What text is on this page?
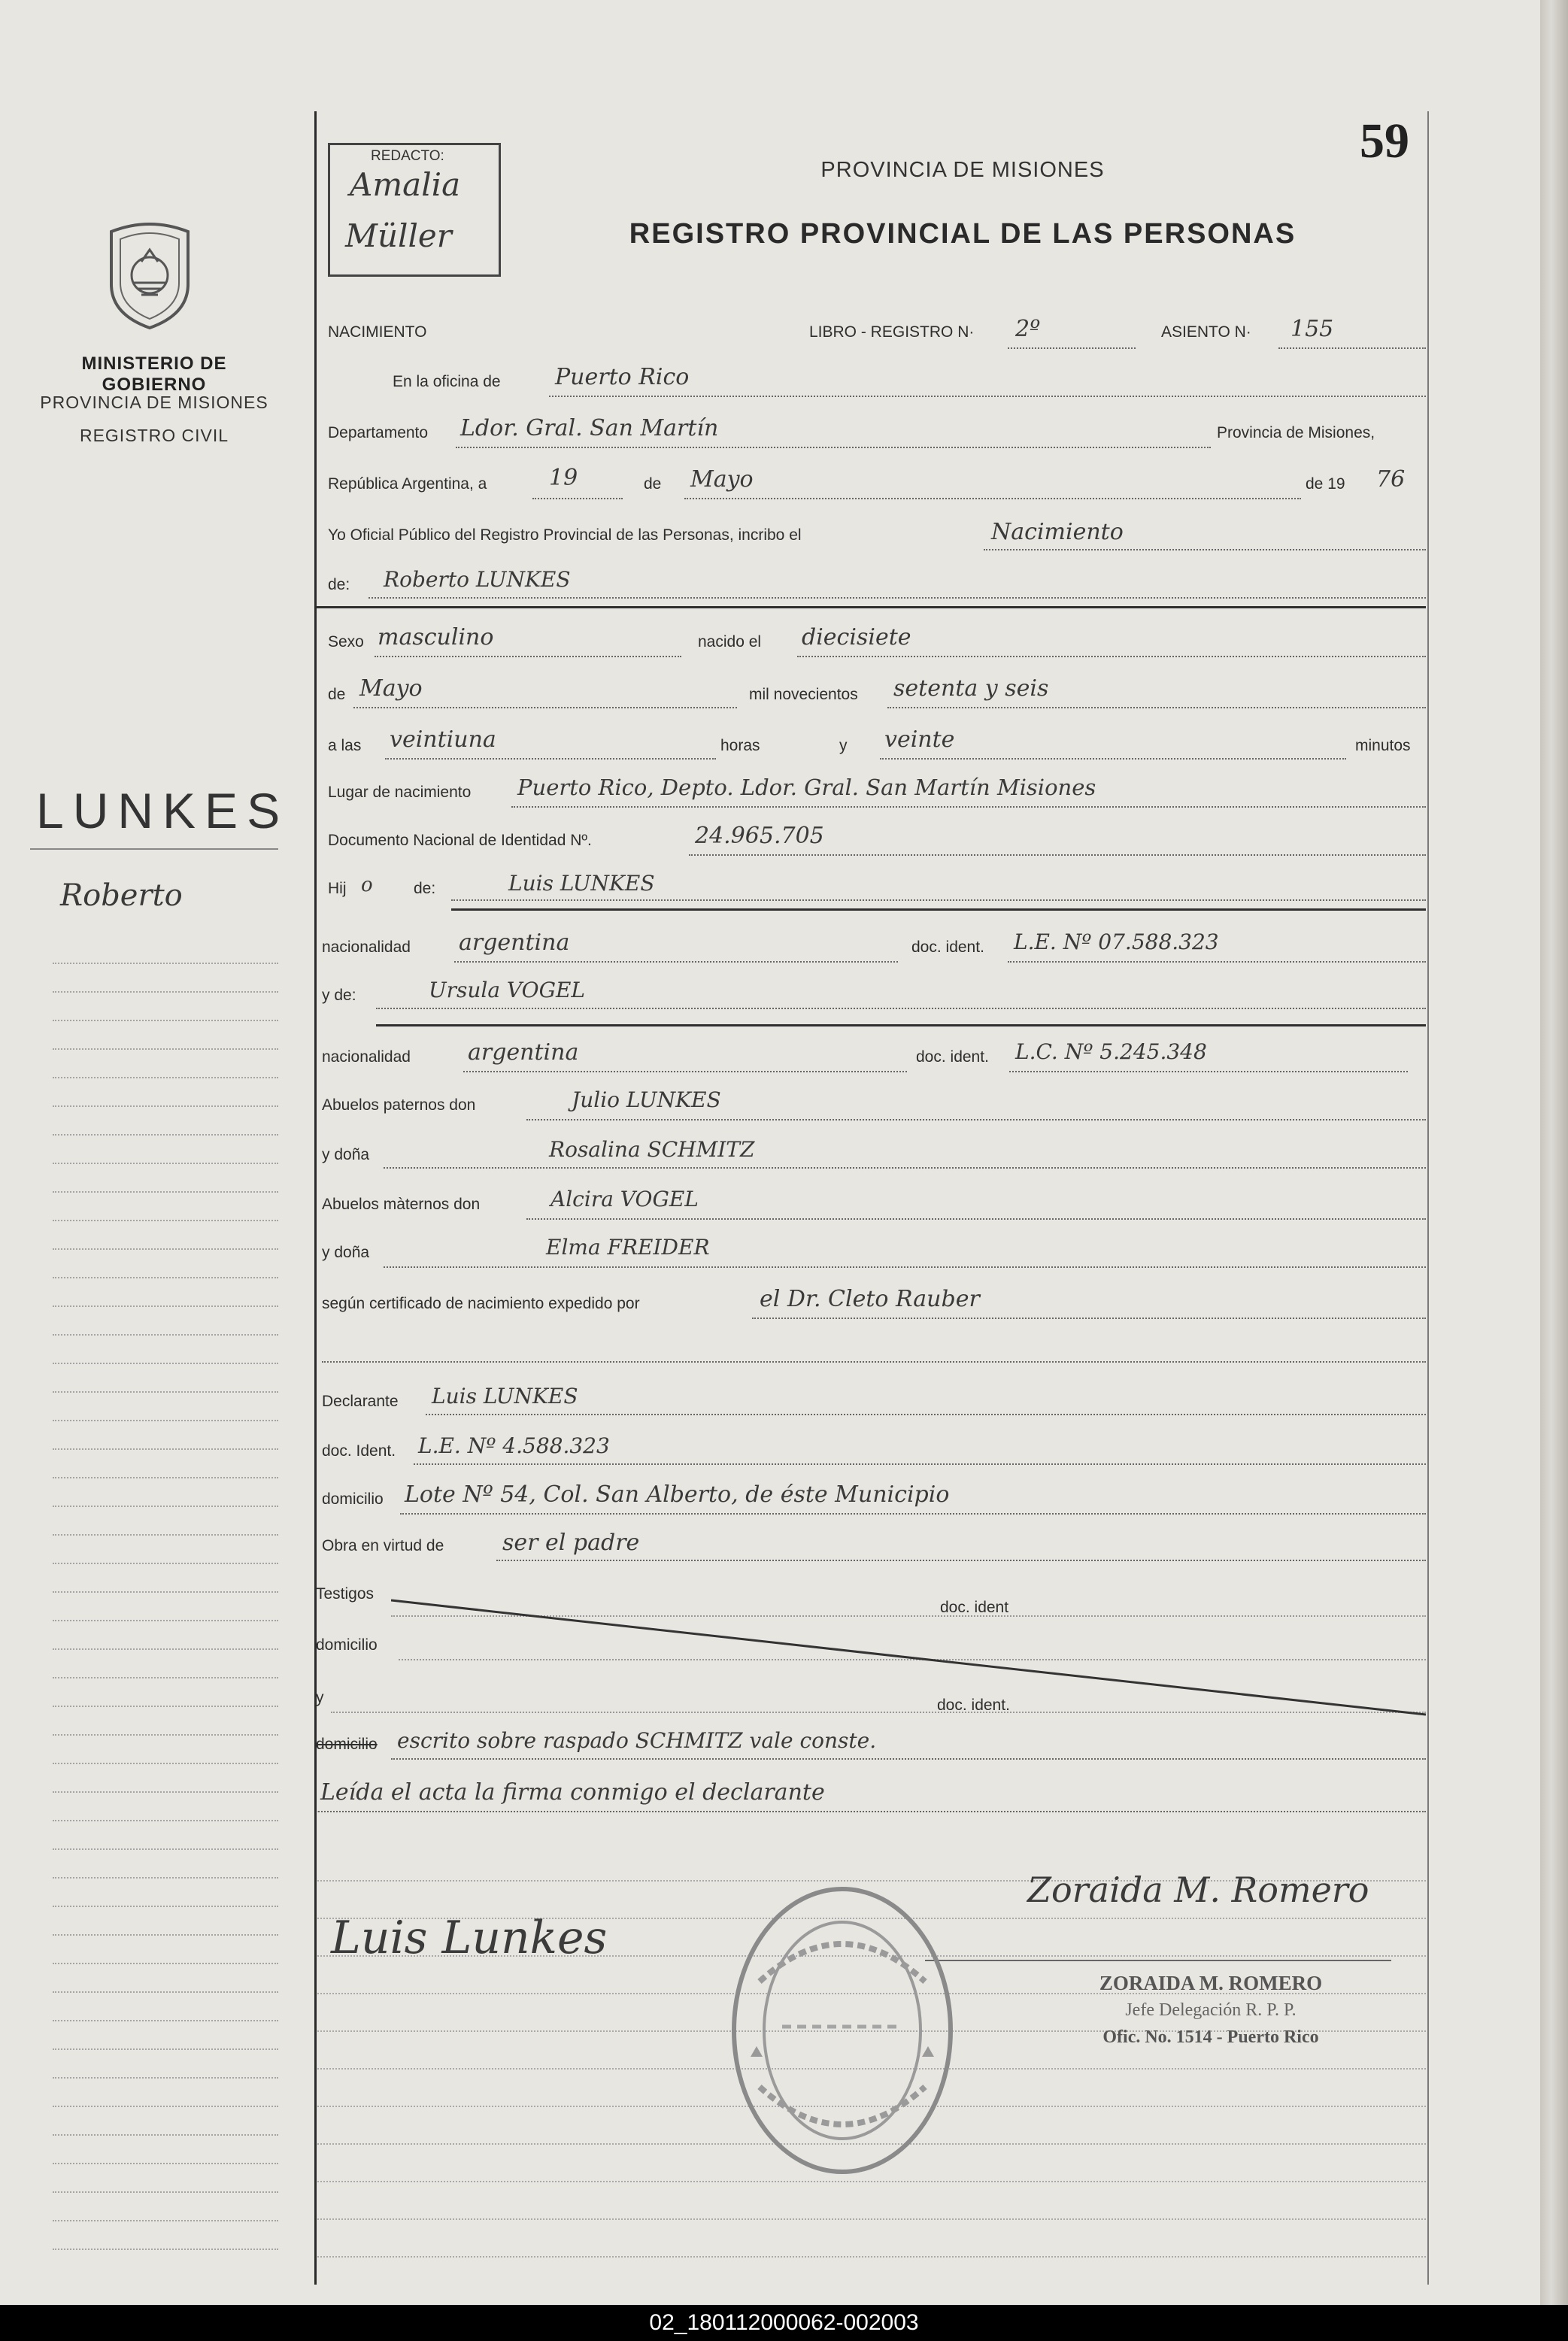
MINISTERIO DE GOBIERNO
PROVINCIA DE MISIONES
REGISTRO CIVIL
LUNKES
Roberto
REDACTO:
Amalia
Müller
59
PROVINCIA DE MISIONES
REGISTRO PROVINCIAL DE LAS PERSONAS
NACIMIENTO	LIBRO - REGISTRO N· 2º	ASIENTO N· 155
En la oficina de Puerto Rico
Departamento Ldor. Gral. San Martín	Provincia de Misiones,
República Argentina, a	19	de Mayo	de 19 76
Yo Oficial Público del Registro Provincial de las Personas, incribo el	Nacimiento
de: Roberto LUNKES
Sexo masculino	nacido el diecisiete
de Mayo	mil novecientos setenta y seis
a las veintiuna	horas	y veinte	minutos
Lugar de nacimiento Puerto Rico, Depto. Ldor. Gral. San Martín Misiones
Documento Nacional de Identidad Nº.	24.965.705
Hij o	de:	Luis LUNKES
nacionalidad argentina	doc. ident. L.E. Nº 07.588.323
y de:	Ursula VOGEL
nacionalidad	argentina	doc. ident. L.C. Nº 5.245.348
Abuelos paternos don	Julio LUNKES
y doña	Rosalina SCHMITZ
Abuelos màternos don	Alcira VOGEL
y doña	Elma FREIDER
según certificado de nacimiento expedido por	el Dr. Cleto Rauber
Declarante Luis LUNKES
doc. Ident. L.E. Nº 4.588.323
domicilio Lote Nº 54, Col. San Alberto, de éste Municipio
Obra en virtud de	ser el padre
Testigos
doc. ident
domicilio
y	doc. ident.
domicilio escrito sobre raspado SCHMITZ vale conste.
Leída el acta la firma conmigo el declarante
Luis Lunkes
Zoraida M. Romero
ZORAIDA M. ROMERO
Jefe Delegación R. P. P.
Ofic. No. 1514 - Puerto Rico
02_180112000062-002003
